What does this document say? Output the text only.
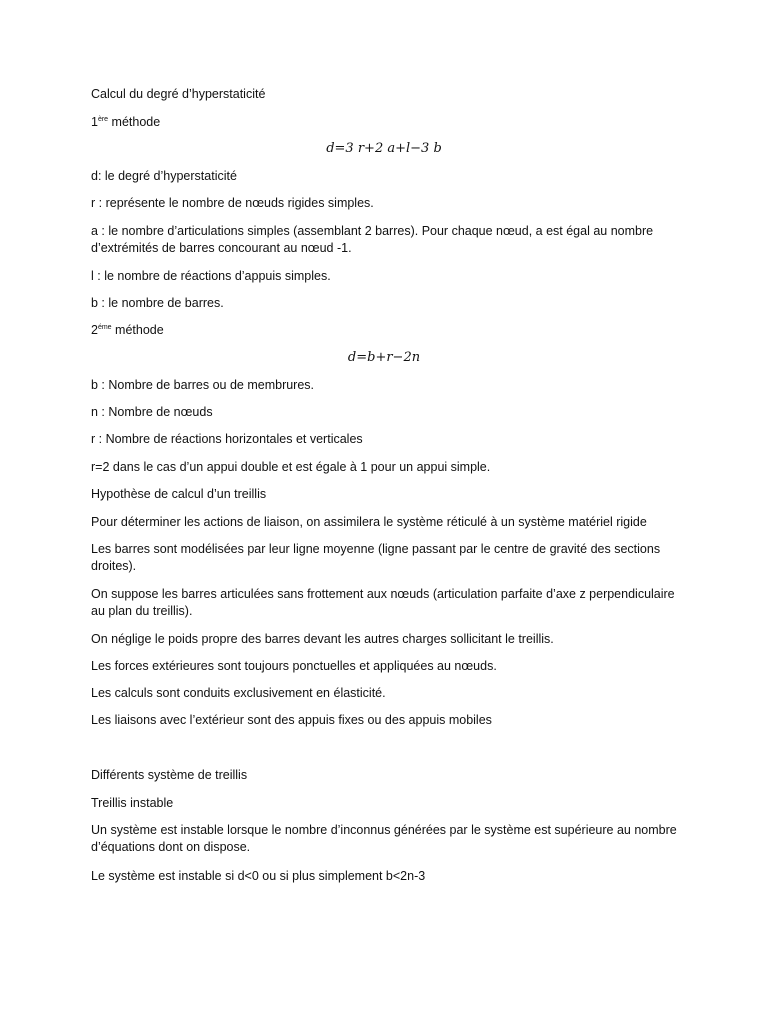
Calcul du degré d’hyperstaticité

1ère méthode

d=3 r+2 a+l−3 b

d: le degré d’hyperstaticité

r : représente le nombre de nœuds rigides simples.

a : le nombre d’articulations simples (assemblant 2 barres). Pour chaque nœud, a est égal au nombre d’extrémités de barres concourant au nœud -1.

l : le nombre de réactions d’appuis simples.

b : le nombre de barres.

$2^{éme}$ méthode

d=b+r−2n

b : Nombre de barres ou de membrures.

n : Nombre de nœuds

r : Nombre de réactions horizontales et verticales

r=2 dans le cas d’un appui double et est égale à 1 pour un appui simple.

Hypothèse de calcul d’un treillis

Pour déterminer les actions de liaison, on assimilera le système réticulé à un système matériel rigide

Les barres sont modélisées par leur ligne moyenne (ligne passant par le centre de gravité des sections droites).

On suppose les barres articulées sans frottement aux nœuds (articulation parfaite d’axe z perpendiculaire au plan du treillis).

On néglige le poids propre des barres devant les autres charges sollicitant le treillis.

Les forces extérieures sont toujours ponctuelles et appliquées au nœuds.

Les calculs sont conduits exclusivement en élasticité.

Les liaisons avec l’extérieur sont des appuis fixes ou des appuis mobiles

Différents système de treillis

Treillis instable

Un système est instable lorsque le nombre d’inconnus générées par le système est supérieure au nombre d’équations dont on dispose.

Le système est instable si d<0 ou si plus simplement b<2n-3
